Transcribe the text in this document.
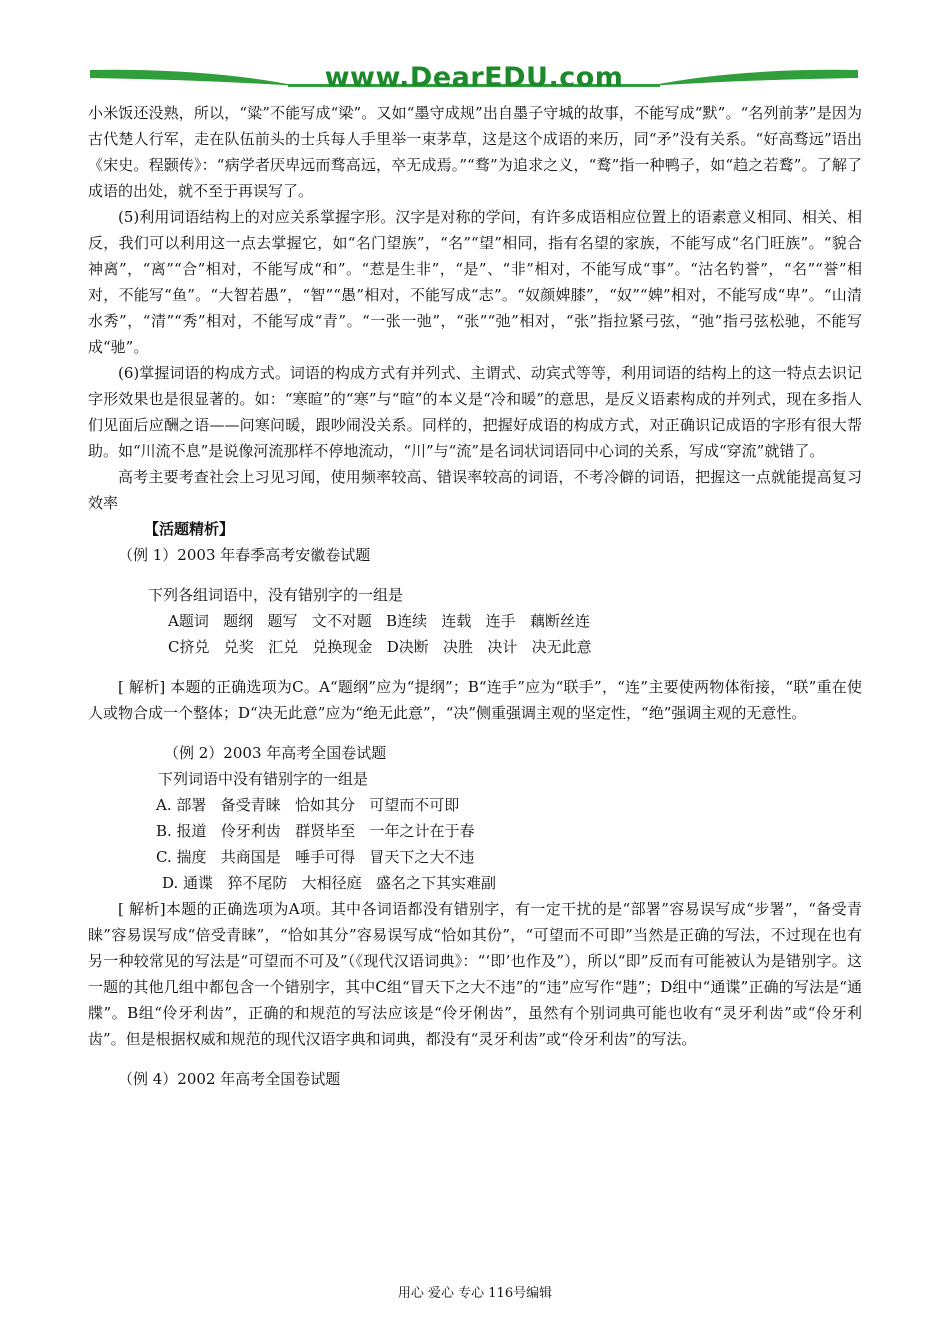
www.DearEDU.com

小米饭还没熟，所以，“粱”不能写成“梁”。又如“墨守成规”出自墨子守城的故事，不能写成“默”。“名列前茅”是因为古代楚人行军，走在队伍前头的士兵每人手里举一束茅草，这是这个成语的来历，同“矛”没有关系。“好高骛远”语出《宋史。程颢传》：“病学者厌卑远而骛高远，卒无成焉。”“骛”为追求之义，“鹜”指一种鸭子，如“趋之若鹜”。了解了成语的出处，就不至于再误写了。

(5)利用词语结构上的对应关系掌握字形。汉字是对称的学问，有许多成语相应位置上的语素意义相同、相关、相反，我们可以利用这一点去掌握它，如“名门望族”，“名”“望”相同，指有名望的家族，不能写成“名门旺族”。“貌合神离”，“离”“合”相对，不能写成“和”。“惹是生非”，“是”、“非”相对，不能写成“事”。“沽名钓誉”，“名”“誉”相对，不能写“鱼”。“大智若愚”，“智”“愚”相对，不能写成“志”。“奴颜婢膝”，“奴”“婢”相对，不能写成“卑”。“山清水秀”，“清”“秀”相对，不能写成“青”。“一张一弛”，“张”“弛”相对，“张”指拉紧弓弦，“弛”指弓弦松驰，不能写成“驰”。

(6)掌握词语的构成方式。词语的构成方式有并列式、主谓式、动宾式等等，利用词语的结构上的这一特点去识记字形效果也是很显著的。如：“寒暄”的“寒”与“暄”的本义是“冷和暖”的意思，是反义语素构成的并列式，现在多指人们见面后应酬之语——问寒问暖，跟吵闹没关系。同样的，把握好成语的构成方式，对正确识记成语的字形有很大帮助。如“川流不息”是说像河流那样不停地流动，“川”与“流”是名词状词语同中心词的关系，写成“穿流”就错了。

高考主要考查社会上习见习闻，使用频率较高、错误率较高的词语，不考冷僻的词语，把握这一点就能提高复习效率

【活题精析】

（例 1）2003 年春季高考安徽卷试题

下列各组词语中，没有错别字的一组是

A题词   题纲   题写   文不对题   B连续   连载   连手   藕断丝连

C挤兑   兑奖   汇兑   兑换现金   D决断   决胜   决计   决无此意

[ 解析] 本题的正确选项为C。A“题纲”应为“提纲”；B“连手”应为“联手”，“连”主要使两物体衔接，“联”重在使人或物合成一个整体；D“决无此意”应为“绝无此意”，“决”侧重强调主观的坚定性，“绝”强调主观的无意性。

（例 2）2003 年高考全国卷试题

下列词语中没有错别字的一组是

A. 部署   备受青睐   恰如其分   可望而不可即

B. 报道   伶牙利齿   群贤毕至   一年之计在于春

C. 揣度   共商国是   唾手可得   冒天下之大不违

D. 通谍   猝不尾防   大相径庭   盛名之下其实难副

[ 解析]本题的正确选项为A项。其中各词语都没有错别字，有一定干扰的是“部署”容易误写成“步署”，“备受青睐”容易误写成“倍受青睐”，“恰如其分”容易误写成“恰如其份”，“可望而不可即”当然是正确的写法，不过现在也有另一种较常见的写法是“可望而不可及”（《现代汉语词典》：“‘即’也作及”），所以“即”反而有可能被认为是错别字。这一题的其他几组中都包含一个错别字，其中C组“冒天下之大不违”的“违”应写作“韪”；D组中“通谍”正确的写法是“通牒”。B组“伶牙利齿”，正确的和规范的写法应该是“伶牙俐齿”，虽然有个别词典可能也收有“灵牙利齿”或“伶牙利齿”。但是根据权威和规范的现代汉语字典和词典，都没有“灵牙利齿”或“伶牙利齿”的写法。

（例 4）2002 年高考全国卷试题

用心 爱心 专心 116号编辑
